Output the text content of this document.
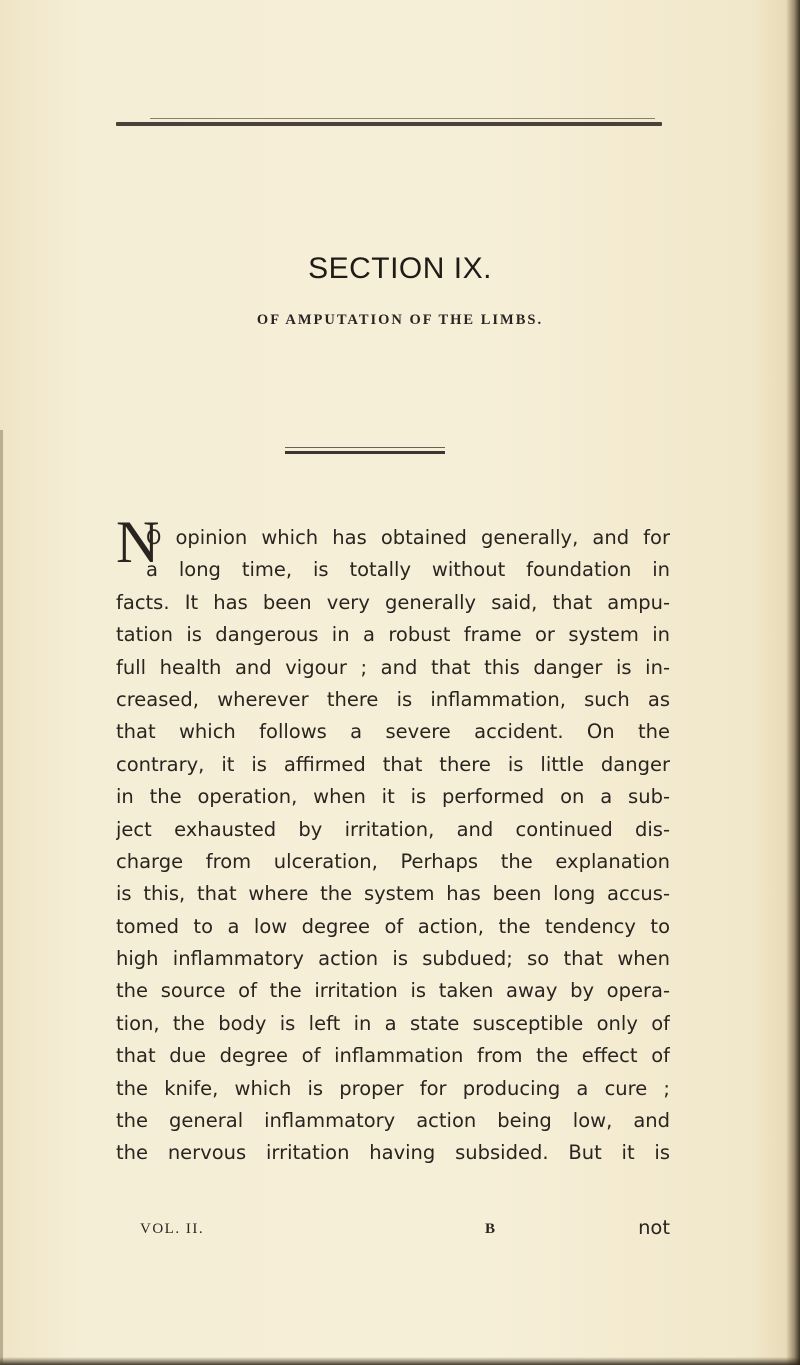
SECTION IX.
OF AMPUTATION OF THE LIMBS.
N
O opinion which has obtained generally, and for
a long time, is totally without foundation in
facts. It has been very generally said, that ampu-
tation is dangerous in a robust frame or system in
full health and vigour ; and that this danger is in-
creased, wherever there is inflammation, such as
that which follows a severe accident. On the
contrary, it is affirmed that there is little danger
in the operation, when it is performed on a sub-
ject exhausted by irritation, and continued dis-
charge from ulceration, Perhaps the explanation
is this, that where the system has been long accus-
tomed to a low degree of action, the tendency to
high inflammatory action is subdued; so that when
the source of the irritation is taken away by opera-
tion, the body is left in a state susceptible only of
that due degree of inflammation from the effect of
the knife, which is proper for producing a cure ;
the general inflammatory action being low, and
the nervous irritation having subsided. But it is
VOL. II.	B	not
